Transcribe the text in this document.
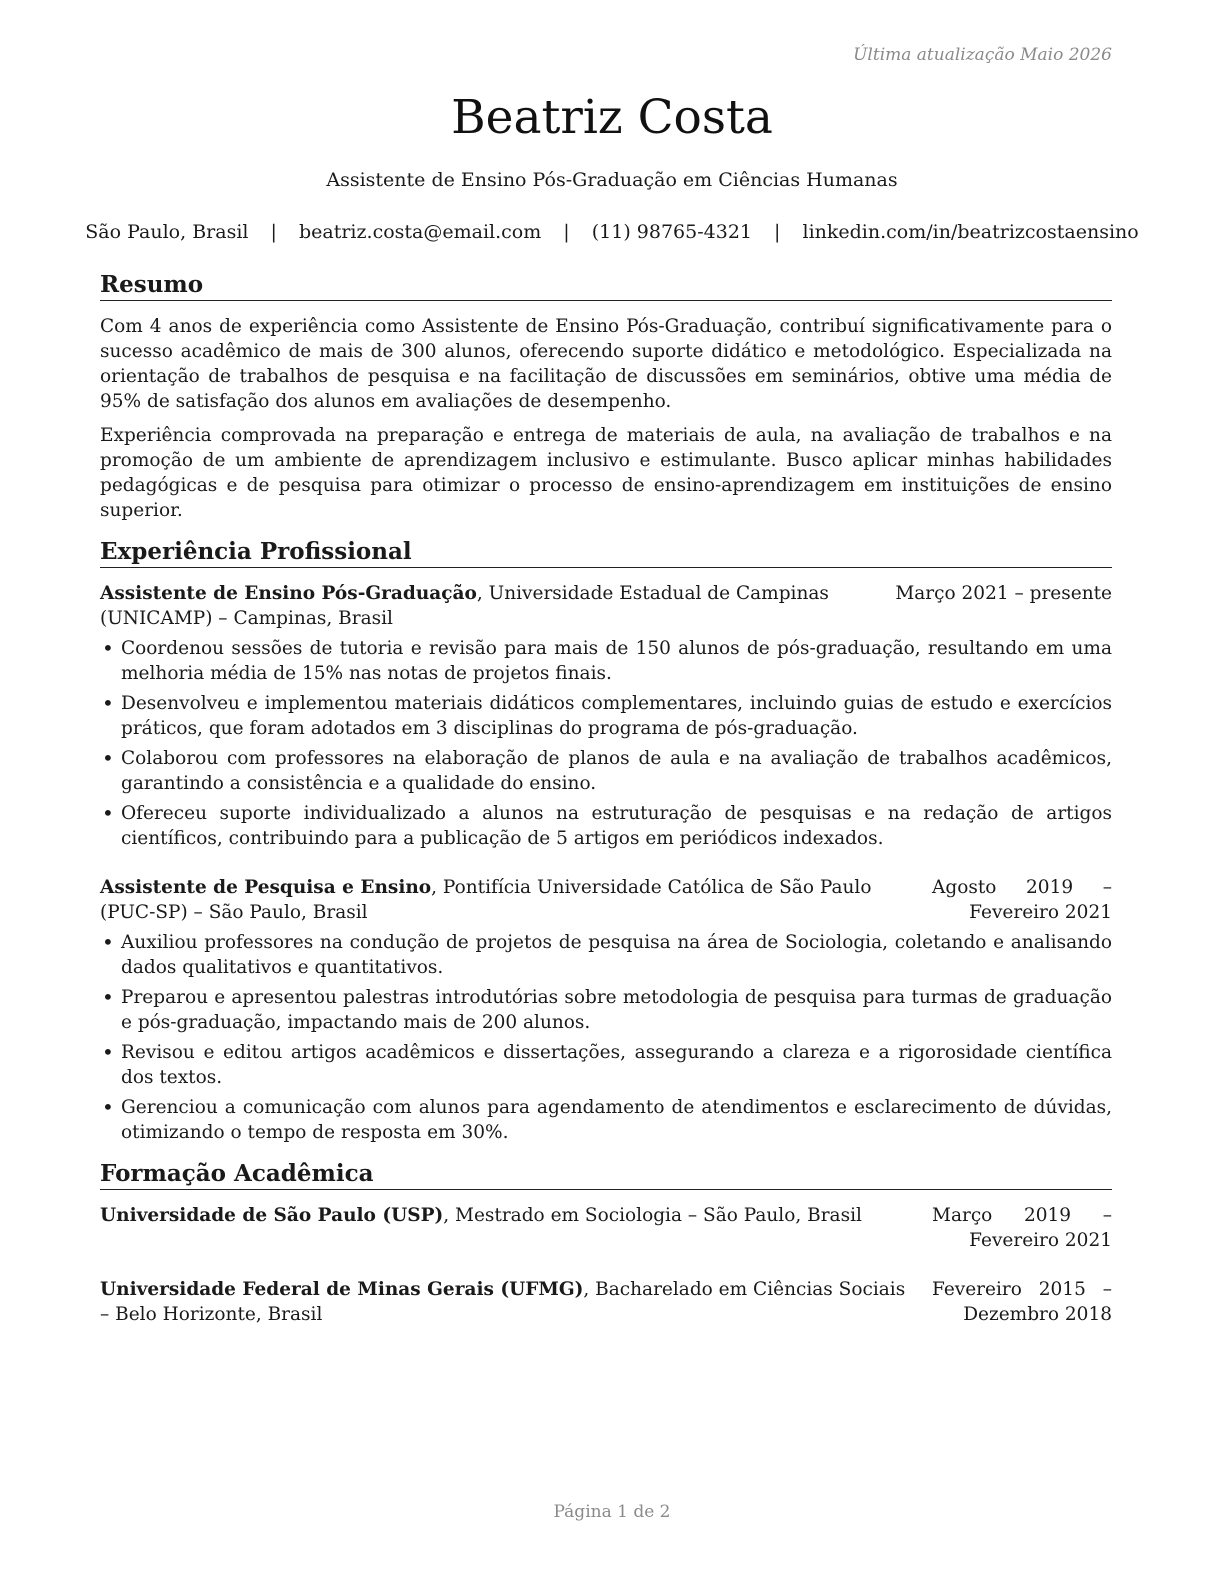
Última atualização Maio 2026
Beatriz Costa
Assistente de Ensino Pós-Graduação em Ciências Humanas
São Paulo, Brasil | beatriz.costa@email.com | (11) 98765-4321 | linkedin.com/in/beatrizcostaensino
Resumo

Com 4 anos de experiência como Assistente de Ensino Pós-Graduação, contribuí significativamente para o sucesso acadêmico de mais de 300 alunos, oferecendo suporte didático e metodológico. Especializada na orientação de trabalhos de pesquisa e na facilitação de discussões em seminários, obtive uma média de 95% de satisfação dos alunos em avaliações de desempenho.

Experiência comprovada na preparação e entrega de materiais de aula, na avaliação de trabalhos e na promoção de um ambiente de aprendizagem inclusivo e estimulante. Busco aplicar minhas habilidades pedagógicas e de pesquisa para otimizar o processo de ensino-aprendizagem em instituições de ensino superior.

Experiência Profissional
Assistente de Ensino Pós-Graduação, Universidade Estadual de Campinas (UNICAMP) – Campinas, Brasil
Março 2021 – presente
• Coordenou sessões de tutoria e revisão para mais de 150 alunos de pós-graduação, resultando em uma melhoria média de 15% nas notas de projetos finais.
• Desenvolveu e implementou materiais didáticos complementares, incluindo guias de estudo e exercícios práticos, que foram adotados em 3 disciplinas do programa de pós-graduação.
• Colaborou com professores na elaboração de planos de aula e na avaliação de trabalhos acadêmicos, garantindo a consistência e a qualidade do ensino.
• Ofereceu suporte individualizado a alunos na estruturação de pesquisas e na redação de artigos científicos, contribuindo para a publicação de 5 artigos em periódicos indexados.
Assistente de Pesquisa e Ensino, Pontifícia Universidade Católica de São Paulo (PUC-SP) – São Paulo, Brasil
Agosto 2019 – Fevereiro 2021
• Auxiliou professores na condução de projetos de pesquisa na área de Sociologia, coletando e analisando dados qualitativos e quantitativos.
• Preparou e apresentou palestras introdutórias sobre metodologia de pesquisa para turmas de graduação e pós-graduação, impactando mais de 200 alunos.
• Revisou e editou artigos acadêmicos e dissertações, assegurando a clareza e a rigorosidade científica dos textos.
• Gerenciou a comunicação com alunos para agendamento de atendimentos e esclarecimento de dúvidas, otimizando o tempo de resposta em 30%.
Formação Acadêmica
Universidade de São Paulo (USP), Mestrado em Sociologia – São Paulo, Brasil	Março 2019 – Fevereiro 2021
Universidade Federal de Minas Gerais (UFMG), Bacharelado em Ciências Sociais – Belo Horizonte, Brasil
Fevereiro 2015 – Dezembro 2018
Página 1 de 2
